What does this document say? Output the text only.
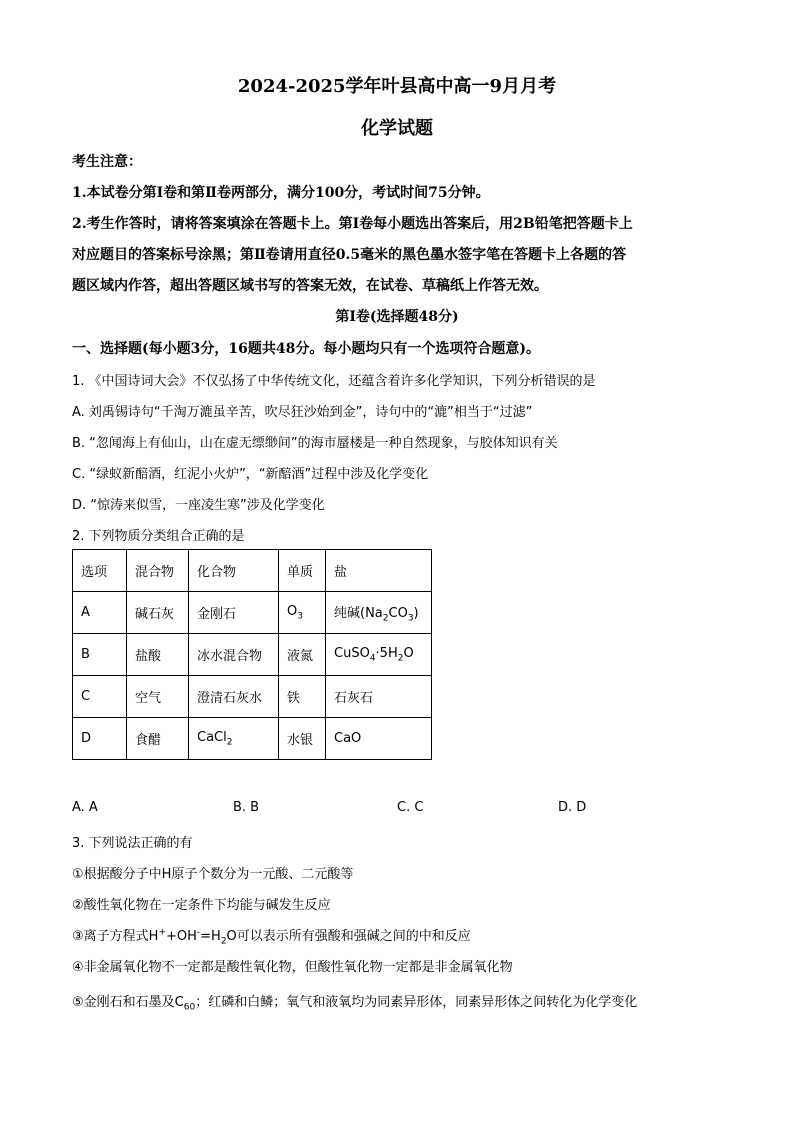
2024-2025学年叶县高中高一9月月考
化学试题
考生注意：
1.本试卷分第Ⅰ卷和第Ⅱ卷两部分，满分100分，考试时间75分钟。
2.考生作答时，请将答案填涂在答题卡上。第Ⅰ卷每小题选出答案后，用2B铅笔把答题卡上
对应题目的答案标号涂黑；第Ⅱ卷请用直径0.5毫米的黑色墨水签字笔在答题卡上各题的答
题区域内作答，超出答题区域书写的答案无效，在试卷、草稿纸上作答无效。
第Ⅰ卷(选择题48分)
一、选择题(每小题3分，16题共48分。每小题均只有一个选项符合题意)。
1. 《中国诗词大会》不仅弘扬了中华传统文化，还蕴含着许多化学知识，下列分析错误的是
A. 刘禹锡诗句“千淘万漉虽辛苦，吹尽狂沙始到金”，诗句中的“漉”相当于“过滤”
B. “忽闻海上有仙山，山在虚无缥缈间”的海市蜃楼是一种自然现象，与胶体知识有关
C. “绿蚁新醅酒，红泥小火炉”，“新醅酒”过程中涉及化学变化
D. “惊涛来似雪，一座凌生寒”涉及化学变化
2. 下列物质分类组合正确的是
选项	混合物	化合物	单质	盐
A	碱石灰	金刚石	$O_3$	纯碱$(Na_2CO_3)$
B	盐酸	冰水混合物	液氮	$CuSO_4\cdot 5H_2O$
C	空气	澄清石灰水	铁	石灰石
D	食醋	CaCl$_2$	水银	CaO
A. A	B. B	C. C	D. D
3. 下列说法正确的有
①根据酸分子中H原子个数分为一元酸、二元酸等
②酸性氧化物在一定条件下均能与碱发生反应
③离子方程式$H^++OH^-=H_2O$可以表示所有强酸和强碱之间的中和反应
④非金属氧化物不一定都是酸性氧化物，但酸性氧化物一定都是非金属氧化物
⑤金刚石和石墨及$C_{60}$；红磷和白鳞；氧气和液氧均为同素异形体，同素异形体之间转化为化学变化
